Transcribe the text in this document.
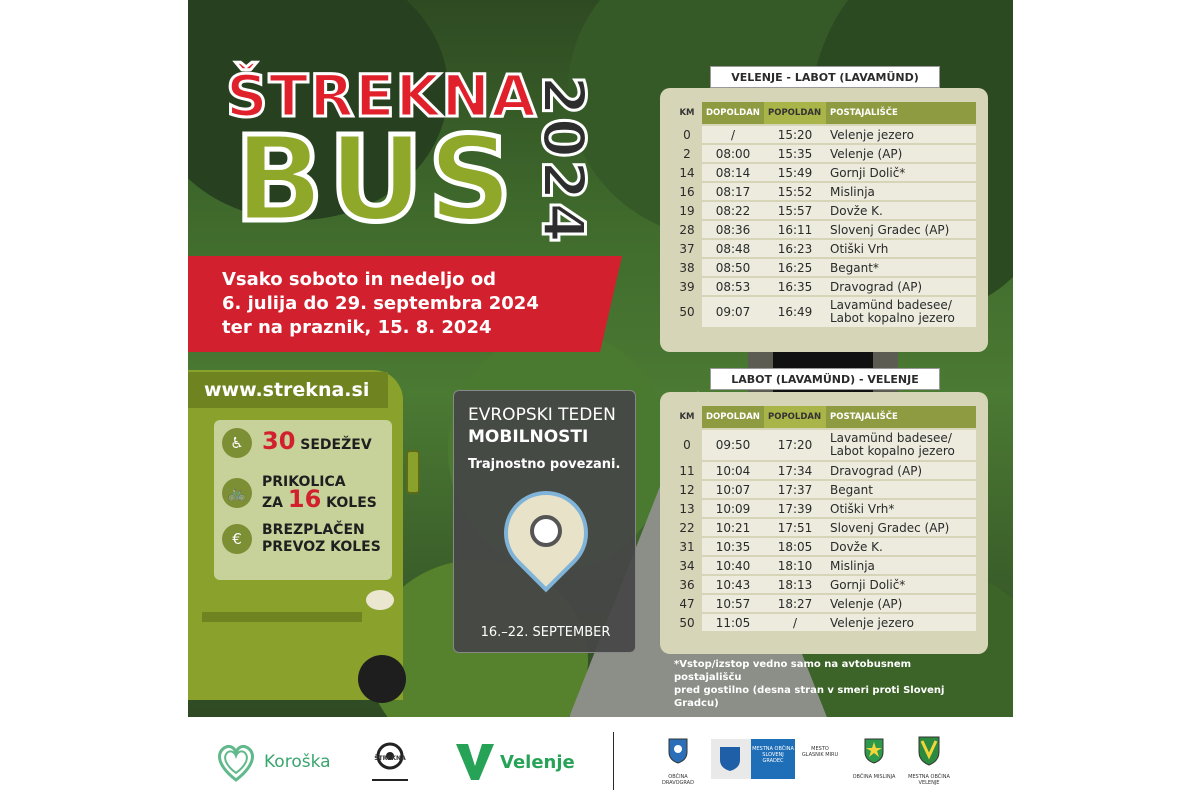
ŠTREKNA
BUS 2024
Vsako soboto in nedeljo od
6. julija do 29. septembra 2024
ter na praznik, 15. 8. 2024
www.strekna.si
♿ 30 SEDEŽEV
🚲
PRIKOLICA
ZA 16 KOLES
€	BREZPLAČEN
PREVOZ KOLES
EVROPSKI TEDEN
MOBILNOSTI
Trajnostno povezani.
16.–22. SEPTEMBER
KM	DOPOLDAN	POPOLDAN	POSTAJALIŠČE
0	/	15:20	Velenje jezero

2	08:00	15:35	Velenje (AP)

14	08:14	15:49	Gornji Dolič*

16	08:17	15:52	Mislinja

19	08:22	15:57	Dovže K.

28	08:36	16:11	Slovenj Gradec (AP)

37	08:48	16:23	Otiški Vrh

38	08:50	16:25	Begant*

39	08:53	16:35	Dravograd (AP)

50	09:07	16:49	Lavamünd badesee/
Labot kopalno jezero
VELENJE - LABOT (LAVAMÜND)
KM	DOPOLDAN	POPOLDAN	POSTAJALIŠČE
0	09:50	17:20	Lavamünd badesee/
Labot kopalno jezero

11	10:04	17:34	Dravograd (AP)

12	10:07	17:37	Begant

13	10:09	17:39	Otiški Vrh*

22	10:21	17:51	Slovenj Gradec (AP)

31	10:35	18:05	Dovže K.

34	10:40	18:10	Mislinja

36	10:43	18:13	Gornji Dolič*

47	10:57	18:27	Velenje (AP)

50	11:05	/	Velenje jezero
LABOT (LAVAMÜND) - VELENJE
*Vstop/izstop vedno samo na avtobusnem postajališču
pred gostilno (desna stran v smeri proti Slovenj Gradcu)
Koroška	ŠTREKNA	Velenje
OBČINA DRAVOGRAD
MESTNA OBČINA SLOVENJ GRADEC
MESTO GLASNIK MIRU
OBČINA MISLINJA	MESTNA OBČINA VELENJE
